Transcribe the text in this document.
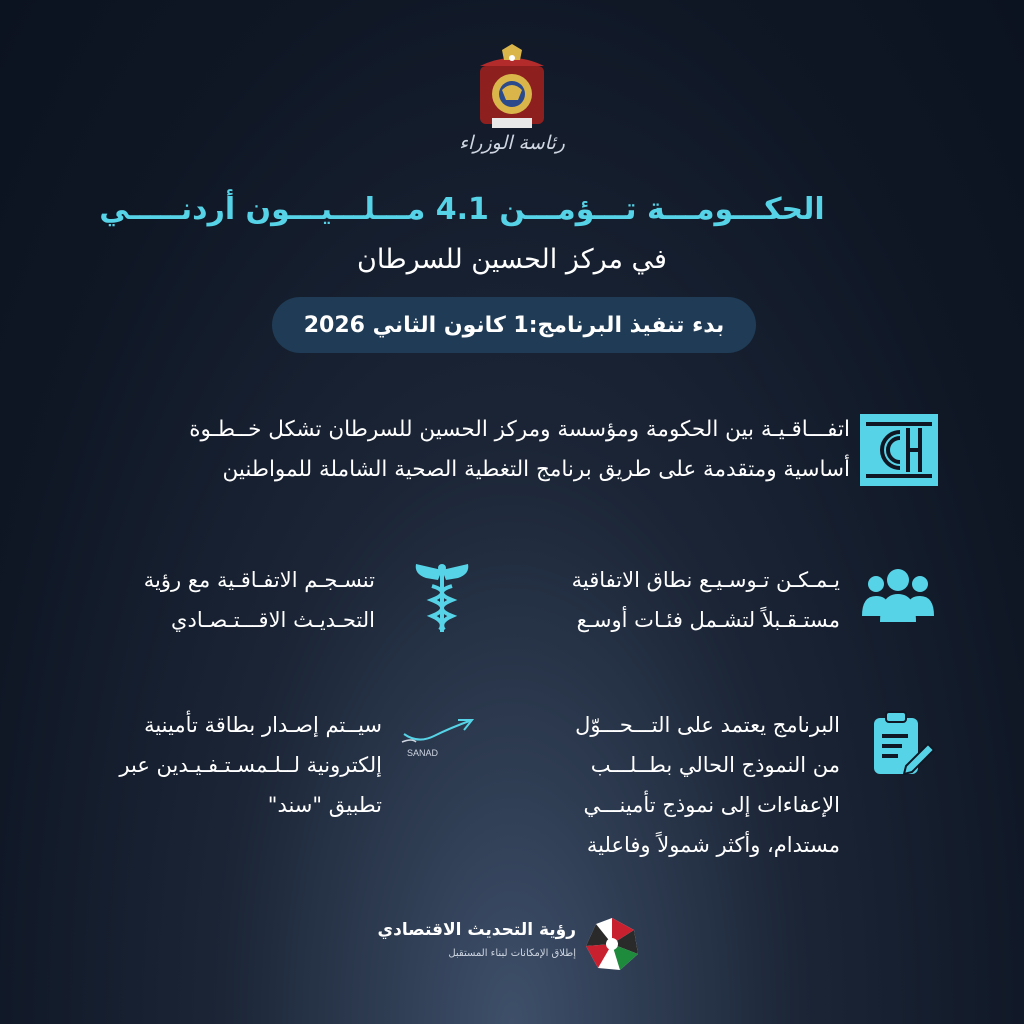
رئاسة الوزراء
الحكـــومـــة تـــؤمـــن 4.1 مـــلـــيـــون أردنـــــي
في مركز الحسين للسرطان
بدء تنفيذ البرنامج:1 كانون الثاني 2026
اتفـــاقـيـة بين الحكومة ومؤسسة ومركز الحسين للسرطان تشكل خــطـوة
أساسية ومتقدمة على طريق برنامج التغطية الصحية الشاملة للمواطنين
يـمـكـن تـوسـيـع نطاق الاتفاقية
مستـقـبلاً لتشـمل فئـات أوسـع
تنسـجـم الاتفـاقـية مع رؤية
التحـديـث الاقـــتـصـادي
البرنامج يعتمد على التـــحـــوّل
من النموذج الحالي بطــلـــب
الإعفاءات إلى نموذج تأمينـــي
مستدام، وأكثر شمولاً وفاعلية
SANAD
سيــتم إصـدار بطاقة تأمينية
إلكترونية لــلـمسـتـفـيـدين عبر
تطبيق "سند"
رؤية التحديث الاقتصادي
إطلاق الإمكانات لبناء المستقبل
